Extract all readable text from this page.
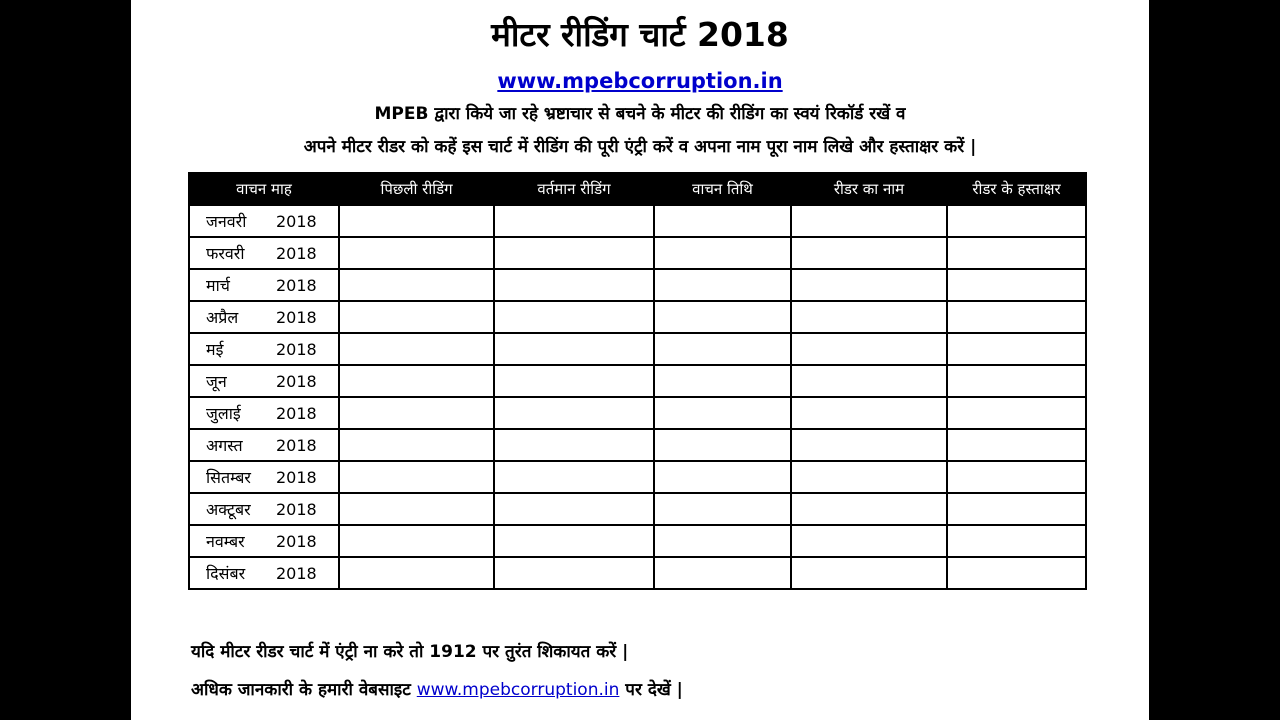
मीटर रीडिंग चार्ट 2018
www.mpebcorruption.in
MPEB द्वारा किये जा रहे भ्रष्टाचार से बचने के मीटर की रीडिंग का स्वयं रिकॉर्ड रखें व
अपने मीटर रीडर को कहें इस चार्ट में रीडिंग की पूरी एंट्री करें व अपना नाम पूरा नाम लिखे और हस्ताक्षर करें |
वाचन माह	पिछली रीडिंग	वर्तमान रीडिंग	वाचन तिथि	रीडर का नाम	रीडर के हस्ताक्षर
जनवरी 2018					
फरवरी 2018					
मार्च 2018					
अप्रैल 2018					
मई 2018					
जून 2018					
जुलाई 2018					
अगस्त 2018					
सितम्बर 2018					
अक्टूबर 2018					
नवम्बर 2018					
दिसंबर 2018					
यदि मीटर रीडर चार्ट में एंट्री ना करे तो 1912 पर तुरंत शिकायत करें |
अधिक जानकारी के हमारी वेबसाइट www.mpebcorruption.in पर देखें |
